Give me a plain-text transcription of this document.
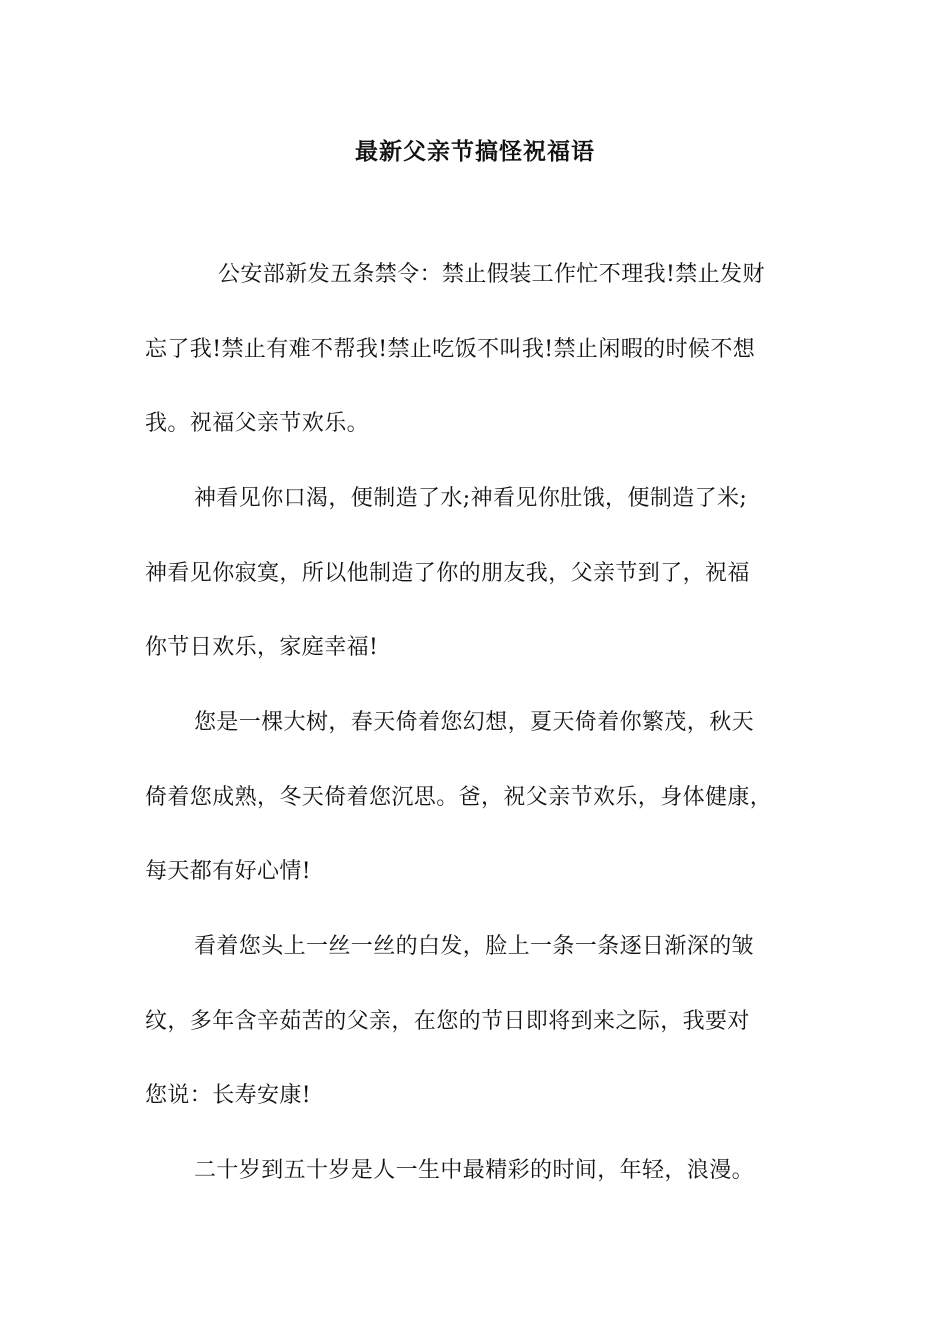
最新父亲节搞怪祝福语
公安部新发五条禁令：禁止假装工作忙不理我!禁止发财
忘了我!禁止有难不帮我!禁止吃饭不叫我!禁止闲暇的时候不想
我。祝福父亲节欢乐。
神看见你口渴，便制造了水;神看见你肚饿，便制造了米;
神看见你寂寞，所以他制造了你的朋友我，父亲节到了，祝福
你节日欢乐，家庭幸福!
您是一棵大树，春天倚着您幻想，夏天倚着你繁茂，秋天
倚着您成熟，冬天倚着您沉思。爸，祝父亲节欢乐，身体健康，
每天都有好心情!
看着您头上一丝一丝的白发，脸上一条一条逐日渐深的皱
纹，多年含辛茹苦的父亲，在您的节日即将到来之际，我要对
您说：长寿安康!
二十岁到五十岁是人一生中最精彩的时间，年轻，浪漫。
